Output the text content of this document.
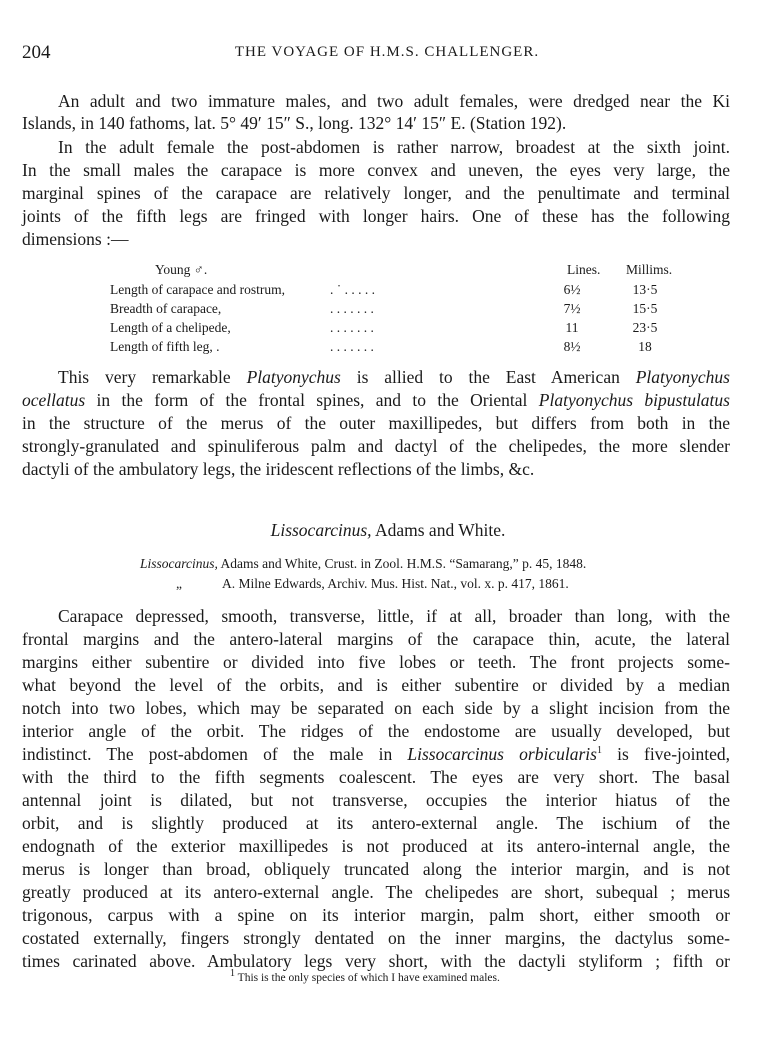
204	THE VOYAGE OF H.M.S. CHALLENGER.
An adult and two immature males, and two adult females, were dredged near the Ki
Islands, in 140 fathoms, lat. 5° 49′ 15″ S., long. 132° 14′ 15″ E. (Station 192).
In the adult female the post-abdomen is rather narrow, broadest at the sixth joint.
In the small males the carapace is more convex and uneven, the eyes very large, the
marginal spines of the carapace are relatively longer, and the penultimate and terminal
joints of the fifth legs are fringed with longer hairs. One of these has the following
dimensions :—
Young ♂.	Lines. Millims.
Length of carapace and rostrum,	. ˙ . . . . .	6½	13·5
Breadth of carapace,	. . . . . . .	7½	15·5
Length of a chelipede,	. . . . . . .	11	23·5
Length of fifth leg, .	. . . . . . .	8½	18
This very remarkable Platyonychus is allied to the East American Platyonychus
ocellatus in the form of the frontal spines, and to the Oriental Platyonychus bipustulatus
in the structure of the merus of the outer maxillipedes, but differs from both in the
strongly-granulated and spinuliferous palm and dactyl of the chelipedes, the more slender
dactyli of the ambulatory legs, the iridescent reflections of the limbs, &c.
Lissocarcinus, Adams and White.
Lissocarcinus, Adams and White, Crust. in Zool. H.M.S. “Samarang,” p. 45, 1848.
„	A. Milne Edwards, Archiv. Mus. Hist. Nat., vol. x. p. 417, 1861.
Carapace depressed, smooth, transverse, little, if at all, broader than long, with the
frontal margins and the antero-lateral margins of the carapace thin, acute, the lateral
margins either subentire or divided into five lobes or teeth. The front projects some-
what beyond the level of the orbits, and is either subentire or divided by a median
notch into two lobes, which may be separated on each side by a slight incision from the
interior angle of the orbit. The ridges of the endostome are usually developed, but
indistinct. The post-abdomen of the male in Lissocarcinus orbicularis$^1$ is five-jointed,
with the third to the fifth segments coalescent. The eyes are very short. The basal
antennal joint is dilated, but not transverse, occupies the interior hiatus of the
orbit, and is slightly produced at its antero-external angle. The ischium of the
endognath of the exterior maxillipedes is not produced at its antero-internal angle, the
merus is longer than broad, obliquely truncated along the interior margin, and is not
greatly produced at its antero-external angle. The chelipedes are short, subequal ; merus
trigonous, carpus with a spine on its interior margin, palm short, either smooth or
costated externally, fingers strongly dentated on the inner margins, the dactylus some-
times carinated above. Ambulatory legs very short, with the dactyli styliform ; fifth or
$^1$ This is the only species of which I have examined males.
